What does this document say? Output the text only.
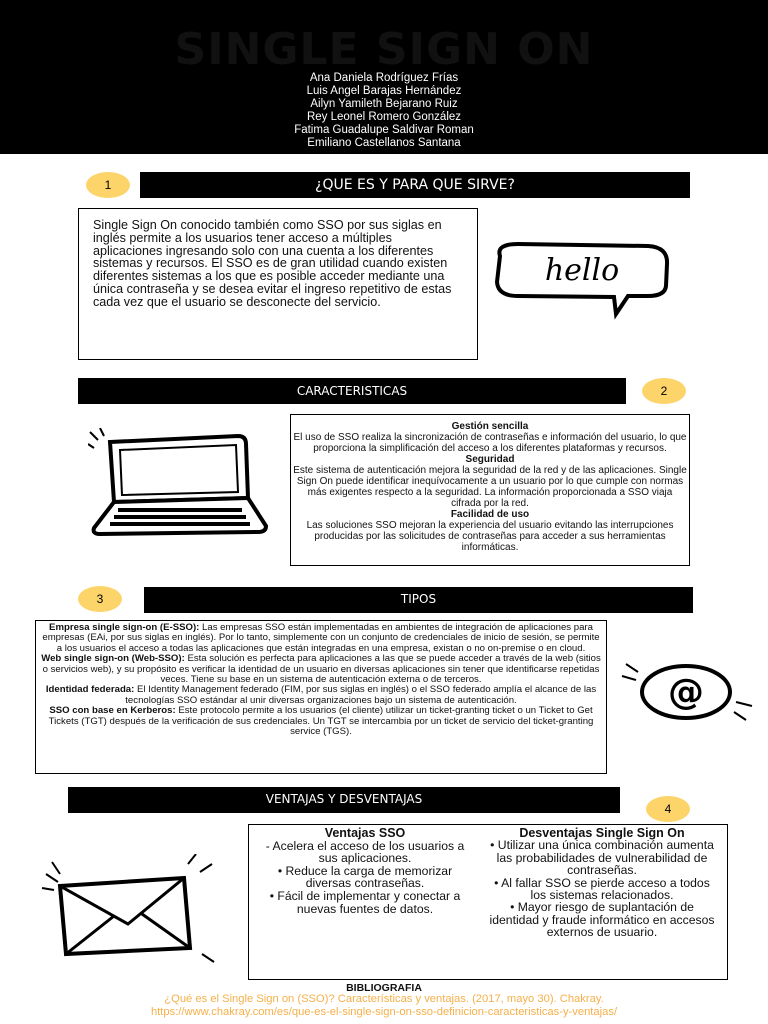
SINGLE SIGN ON
Ana Daniela Rodríguez Frías
Luis Angel Barajas Hernández
Ailyn Yamileth Bejarano Ruiz
Rey Leonel Romero González
Fatima Guadalupe Saldivar Roman
Emiliano Castellanos Santana
1	¿QUE ES Y PARA QUE SIRVE?
Single Sign On conocido también como SSO por sus siglas en inglés permite a los usuarios tener acceso a múltiples aplicaciones ingresando solo con una cuenta a los diferentes sistemas y recursos. El SSO es de gran utilidad cuando existen diferentes sistemas a los que es posible acceder mediante una única contraseña y se desea evitar el ingreso repetitivo de estas cada vez que el usuario se desconecte del servicio.
hello
CARACTERISTICAS	2
Gestión sencilla
El uso de SSO realiza la sincronización de contraseñas e información del usuario, lo que proporciona la simplificación del acceso a los diferentes plataformas y recursos.
Seguridad
Este sistema de autenticación mejora la seguridad de la red y de las aplicaciones. Single Sign On puede identificar inequívocamente a un usuario por lo que cumple con normas más exigentes respecto a la seguridad. La información proporcionada a SSO viaja cifrada por la red.
Facilidad de uso
Las soluciones SSO mejoran la experiencia del usuario evitando las interrupciones producidas por las solicitudes de contraseñas para acceder a sus herramientas informáticas.
3	TIPOS
Empresa single sign-on (E-SSO): Las empresas SSO están implementadas en ambientes de integración de aplicaciones para empresas (EAi, por sus siglas en inglés). Por lo tanto, simplemente con un conjunto de credenciales de inicio de sesión, se permite a los usuarios el acceso a todas las aplicaciones que están integradas en una empresa, existan o no on-premise o en cloud.
Web single sign-on (Web-SSO): Esta solución es perfecta para aplicaciones a las que se puede acceder a través de la web (sitios o servicios web), y su propósito es verificar la identidad de un usuario en diversas aplicaciones sin tener que identificarse repetidas veces. Tiene su base en un sistema de autenticación externa o de terceros.
Identidad federada: El Identity Management federado (FIM, por sus siglas en inglés) o el SSO federado amplía el alcance de las tecnologías SSO estándar al unir diversas organizaciones bajo un sistema de autenticación.
SSO con base en Kerberos: Este protocolo permite a los usuarios (el cliente) utilizar un ticket-granting ticket o un Ticket to Get Tickets (TGT) después de la verificación de sus credenciales. Un TGT se intercambia por un ticket de servicio del ticket-granting service (TGS).
@
VENTAJAS Y DESVENTAJAS
4
Ventajas SSO
- Acelera el acceso de los usuarios a sus aplicaciones.
• Reduce la carga de memorizar diversas contraseñas.
• Fácil de implementar y conectar a nuevas fuentes de datos.
Desventajas Single Sign On
• Utilizar una única combinación aumenta las probabilidades de vulnerabilidad de contraseñas.
• Al fallar SSO se pierde acceso a todos los sistemas relacionados.
• Mayor riesgo de suplantación de identidad y fraude informático en accesos externos de usuario.
BIBLIOGRAFIA
¿Qué es el Single Sign on (SSO)? Características y ventajas. (2017, mayo 30). Chakray.
https://www.chakray.com/es/que-es-el-single-sign-on-sso-definicion-caracteristicas-y-ventajas/
